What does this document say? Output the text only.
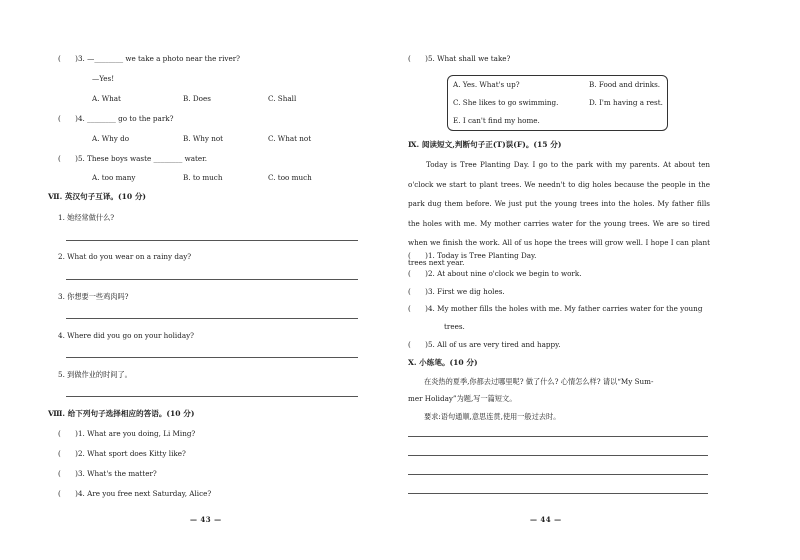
(　　)3. —________ we take a photo near the river?
—Yes!
A. What	B. Does	C. Shall
(　　)4. ________ go to the park?
A. Why do	B. Why not	C. What not
(　　)5. These boys waste ________ water.
A. too many	B. to much	C. too much
Ⅶ. 英汉句子互译。(10 分)
1. 她经常做什么?
2. What do you wear on a rainy day?
3. 你想要一些鸡肉吗?
4. Where did you go on your holiday?
5. 到做作业的时间了。
Ⅷ. 给下列句子选择相应的答语。(10 分)
(　　)1. What are you doing, Li Ming?
(　　)2. What sport does Kitty like?
(　　)3. What's the matter?
(　　)4. Are you free next Saturday, Alice?
— 43 —
(　　)5. What shall we take?
A. Yes. What's up?	B. Food and drinks.
C. She likes to go swimming.	D. I'm having a rest.
E. I can't find my home.
Ⅸ. 阅读短文,判断句子正(T)误(F)。(15 分)
Today is Tree Planting Day. I go to the park with my parents. At about ten o'clock we start to plant trees. We needn't to dig holes because the people in the park dug them before. We just put the young trees into the holes. My father fills the holes with me. My mother carries water for the young trees. We are so tired when we finish the work. All of us hope the trees will grow well. I hope I can plant trees next year.
(　　)1. Today is Tree Planting Day.
(　　)2. At about nine o'clock we begin to work.
(　　)3. First we dig holes.
(　　)4. My mother fills the holes with me. My father carries water for the young
trees.
(　　)5. All of us are very tired and happy.
Ⅹ. 小练笔。(10 分)
在炎热的夏季,你都去过哪里呢? 做了什么? 心情怎么样? 请以“My Sum-
mer Holiday”为题,写一篇短文。
要求:语句通顺,意思连贯,使用一般过去时。
— 44 —
